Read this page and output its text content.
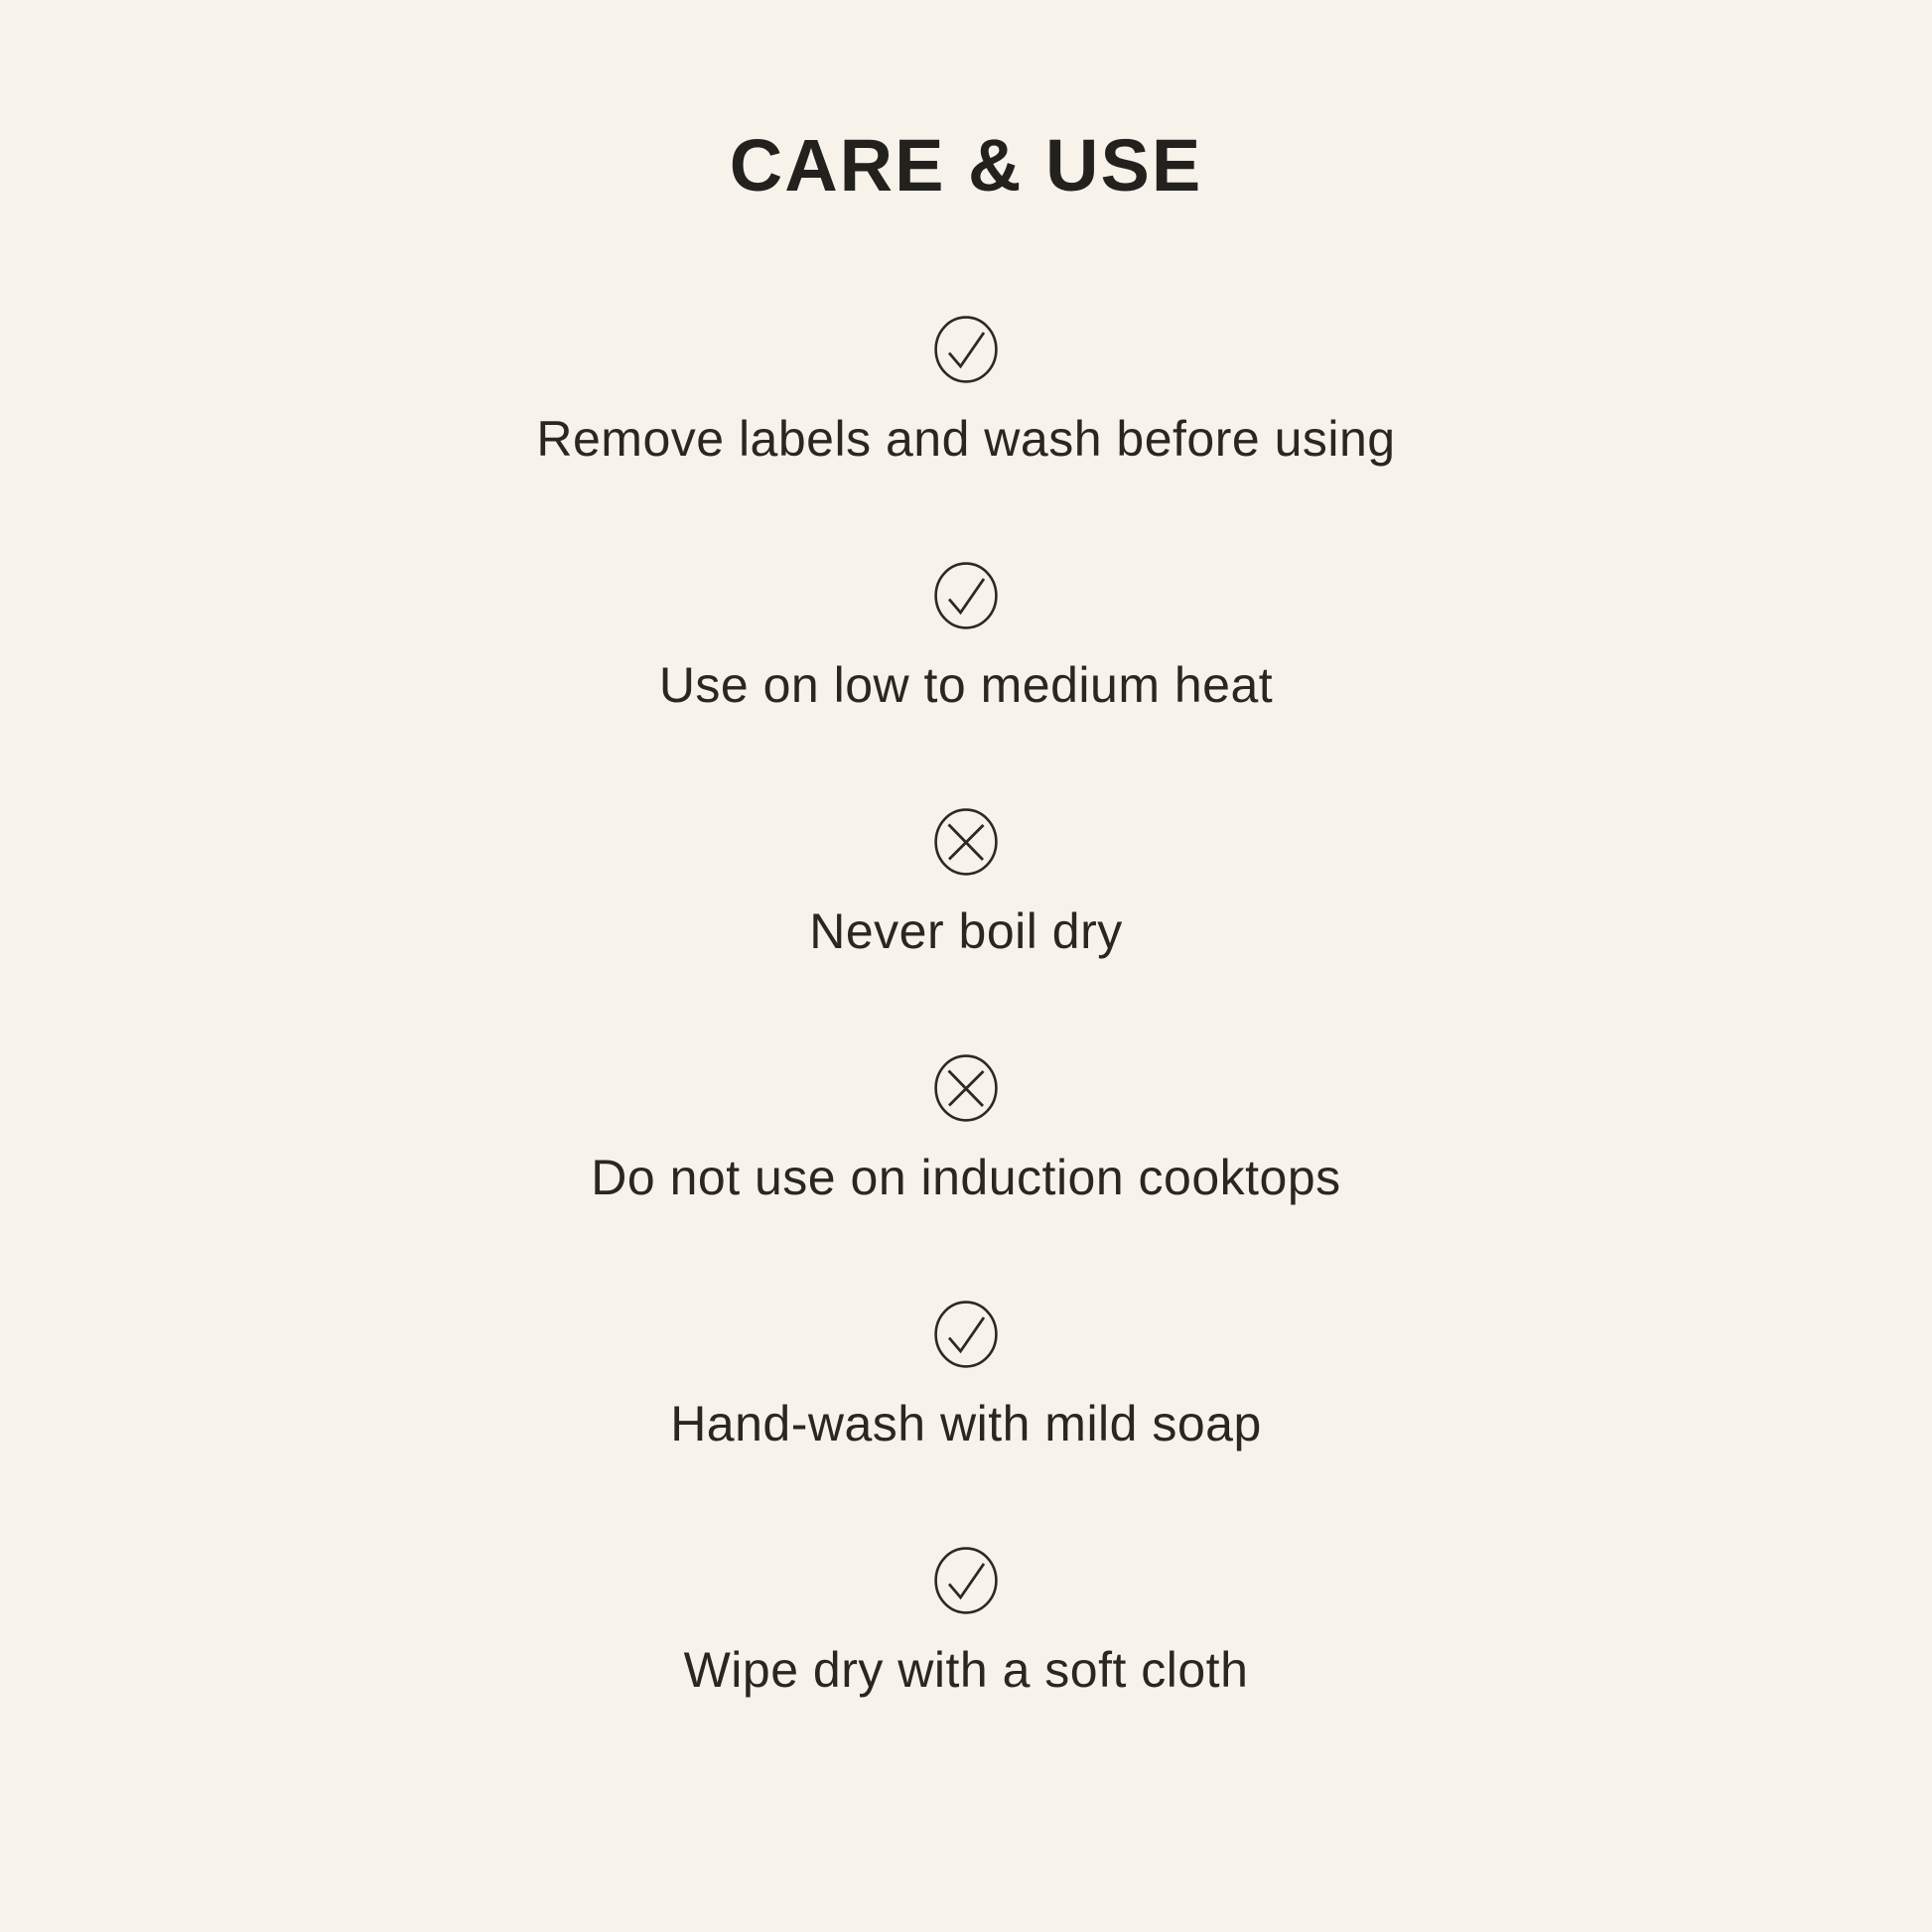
CARE & USE
Remove labels and wash before using
Use on low to medium heat
Never boil dry
Do not use on induction cooktops
Hand-wash with mild soap
Wipe dry with a soft cloth
